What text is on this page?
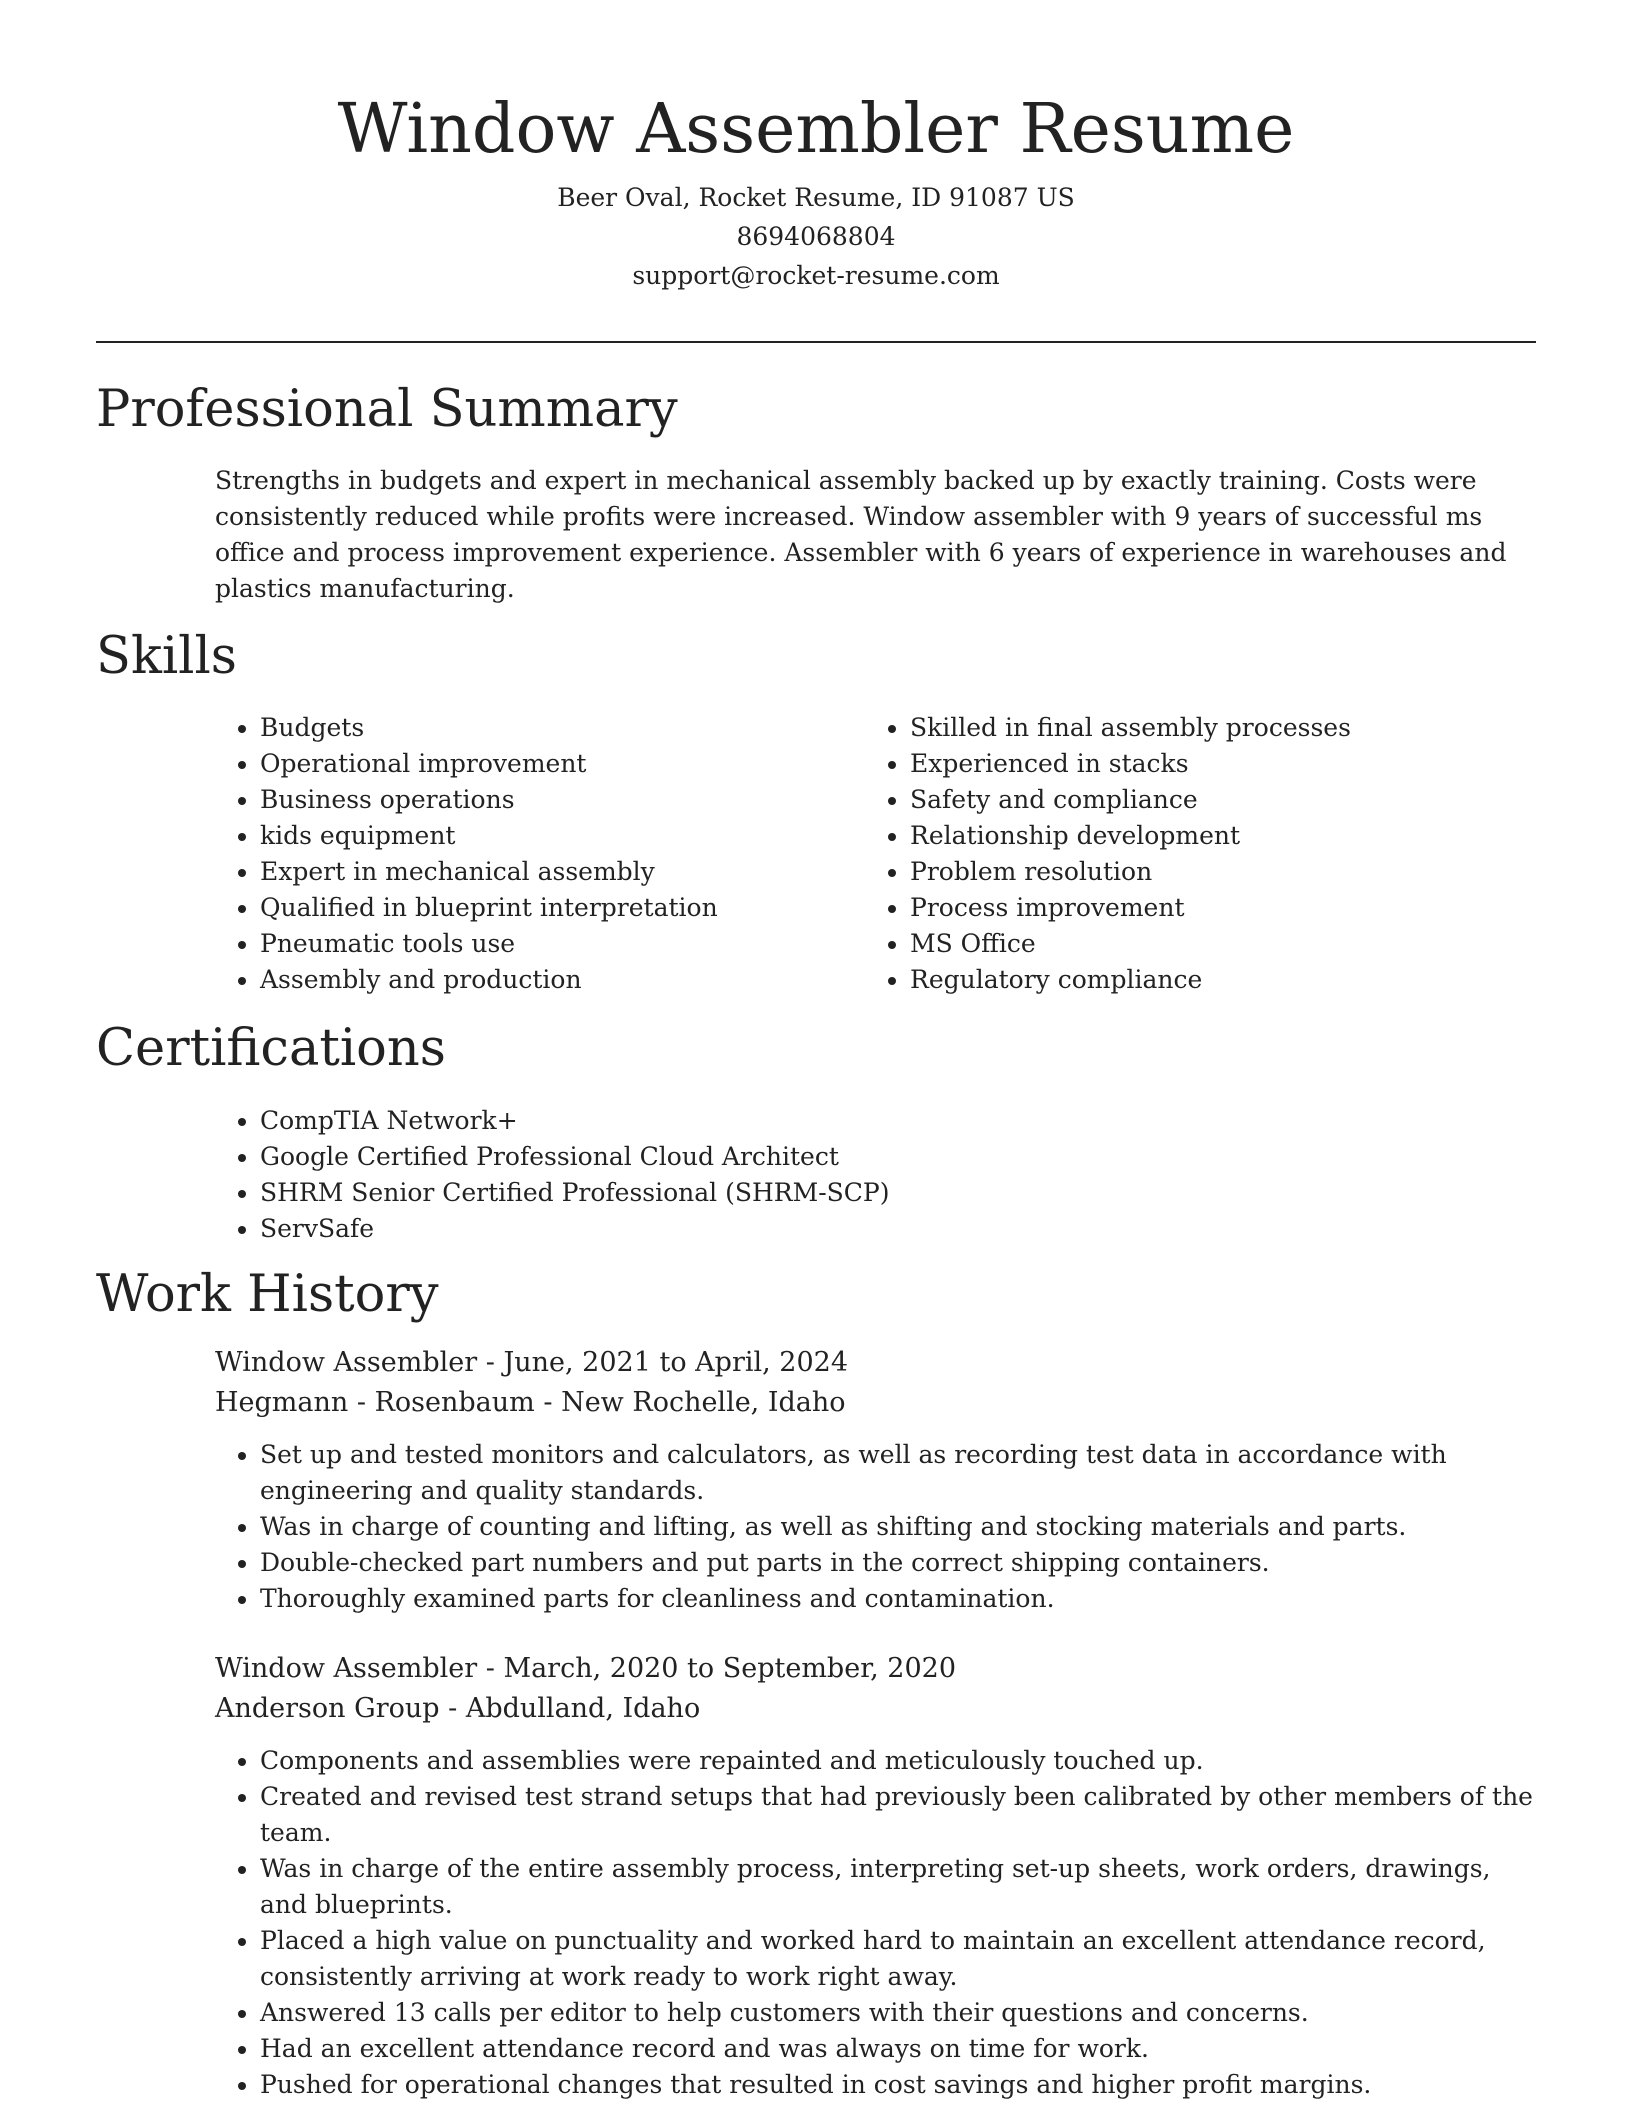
Window Assembler Resume
Beer Oval, Rocket Resume, ID 91087 US
8694068804
support@rocket-resume.com
Professional Summary

Strengths in budgets and expert in mechanical assembly backed up by exactly training. Costs were consistently reduced while profits were increased. Window assembler with 9 years of successful ms office and process improvement experience. Assembler with 6 years of experience in warehouses and plastics manufacturing.

Skills
• Budgets
• Operational improvement
• Business operations
• kids equipment
• Expert in mechanical assembly
• Qualified in blueprint interpretation
• Pneumatic tools use
• Assembly and production
• Skilled in final assembly processes
• Experienced in stacks
• Safety and compliance
• Relationship development
• Problem resolution
• Process improvement
• MS Office
• Regulatory compliance
Certifications
• CompTIA Network+
• Google Certified Professional Cloud Architect
• SHRM Senior Certified Professional (SHRM-SCP)
• ServSafe
Work History
Window Assembler - June, 2021 to April, 2024
Hegmann - Rosenbaum - New Rochelle, Idaho
• Set up and tested monitors and calculators, as well as recording test data in accordance with engineering and quality standards.
• Was in charge of counting and lifting, as well as shifting and stocking materials and parts.
• Double-checked part numbers and put parts in the correct shipping containers.
• Thoroughly examined parts for cleanliness and contamination.
Window Assembler - March, 2020 to September, 2020
Anderson Group - Abdulland, Idaho
• Components and assemblies were repainted and meticulously touched up.
• Created and revised test strand setups that had previously been calibrated by other members of the team.
• Was in charge of the entire assembly process, interpreting set-up sheets, work orders, drawings, and blueprints.
• Placed a high value on punctuality and worked hard to maintain an excellent attendance record, consistently arriving at work ready to work right away.
• Answered 13 calls per editor to help customers with their questions and concerns.
• Had an excellent attendance record and was always on time for work.
• Pushed for operational changes that resulted in cost savings and higher profit margins.
